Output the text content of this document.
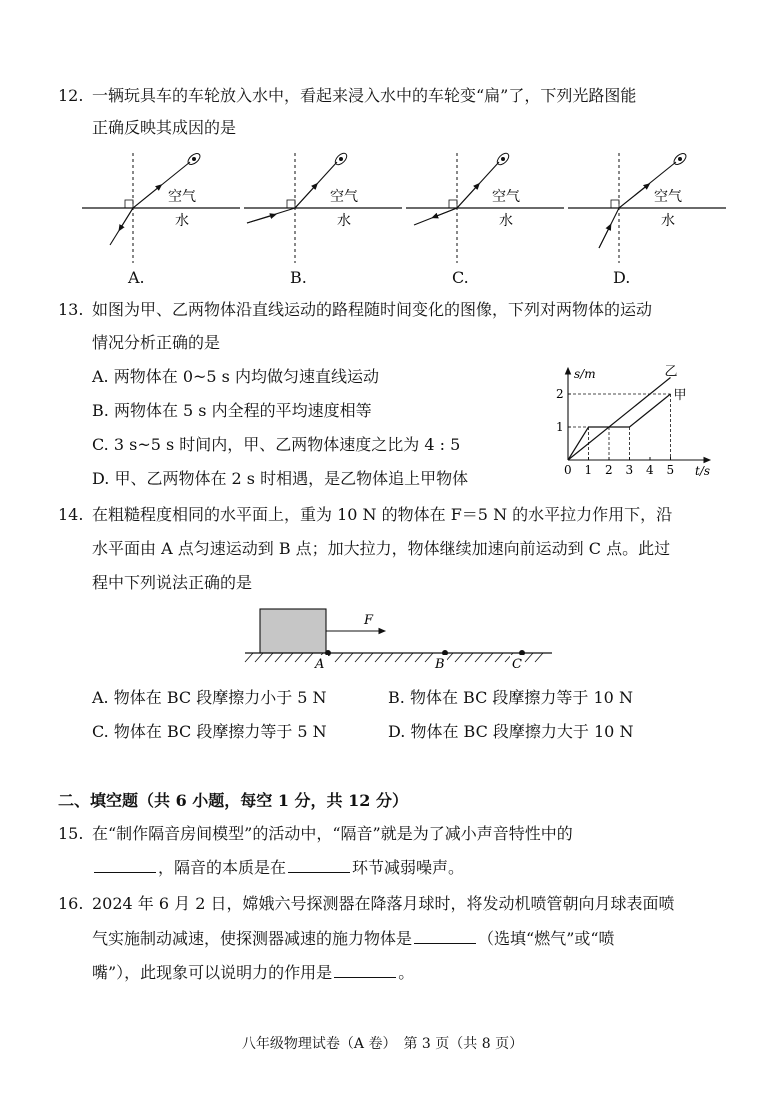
12. 一辆玩具车的车轮放入水中，看起来浸入水中的车轮变“扁”了，下列光路图能
正确反映其成因的是
空气
水
空气
水
空气
水
空气
水
A.	B.	C.	D.
13. 如图为甲、乙两物体沿直线运动的路程随时间变化的图像，下列对两物体的运动
情况分析正确的是
A. 两物体在 0~5 s 内均做匀速直线运动
B. 两物体在 5 s 内全程的平均速度相等
C. 3 s~5 s 时间内，甲、乙两物体速度之比为 4 : 5
D. 甲、乙两物体在 2 s 时相遇，是乙物体追上甲物体
s/m
t/s
0 1 2 3 4 5
1
2	甲
乙
14. 在粗糙程度相同的水平面上，重为 10 N 的物体在 F＝5 N 的水平拉力作用下，沿
水平面由 A 点匀速运动到 B 点；加大拉力，物体继续加速向前运动到 C 点。此过
程中下列说法正确的是
F
A	B	C
A. 物体在 BC 段摩擦力小于 5 N	B. 物体在 BC 段摩擦力等于 10 N
C. 物体在 BC 段摩擦力等于 5 N	D. 物体在 BC 段摩擦力大于 10 N
二、填空题（共 6 小题，每空 1 分，共 12 分）
15. 在“制作隔音房间模型”的活动中，“隔音”就是为了减小声音特性中的
，隔音的本质是在	环节减弱噪声。
16. 2024 年 6 月 2 日，嫦娥六号探测器在降落月球时，将发动机喷管朝向月球表面喷
气实施制动减速，使探测器减速的施力物体是	（选填“燃气”或“喷
嘴”），此现象可以说明力的作用是	。
八年级物理试卷（A 卷）　第 3 页（共 8 页）
